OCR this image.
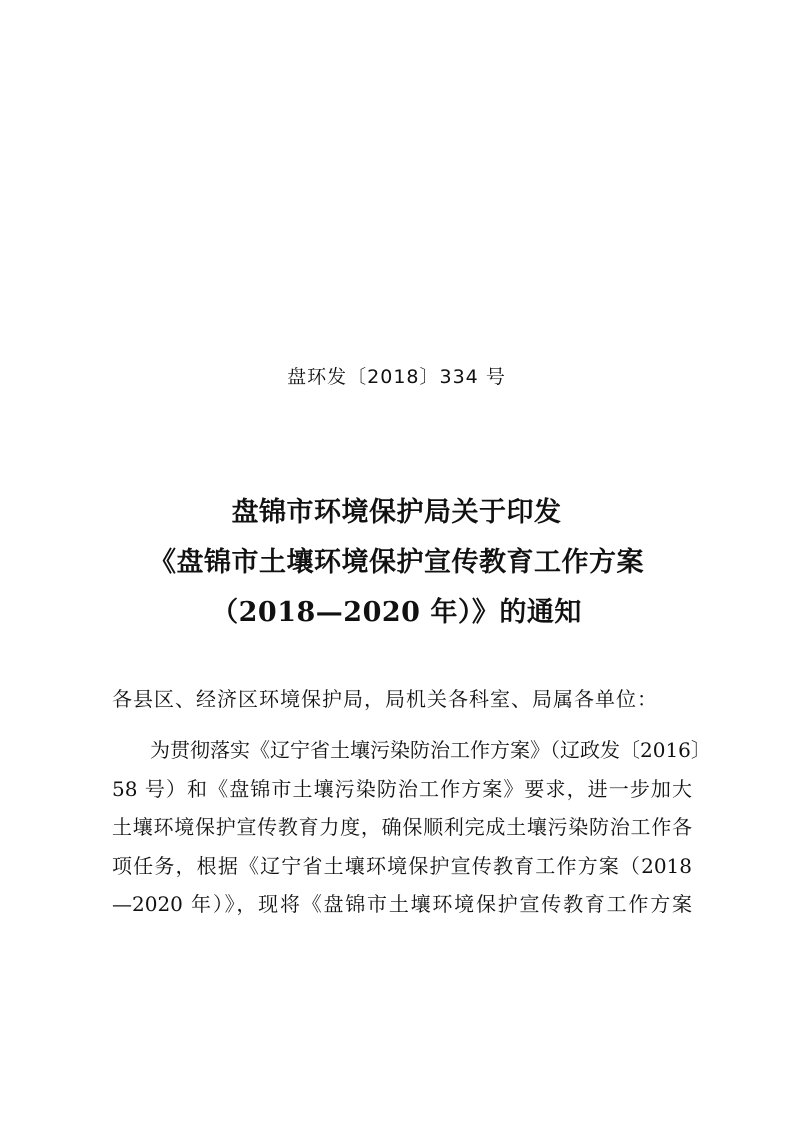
盘环发〔2018〕334 号
盘锦市环境保护局关于印发
《盘锦市土壤环境保护宣传教育工作方案
（2018—2020 年）》的通知
各县区、经济区环境保护局，局机关各科室、局属各单位：
为贯彻落实《辽宁省土壤污染防治工作方案》（辽政发〔2016〕
58 号）和《盘锦市土壤污染防治工作方案》要求，进一步加大
土壤环境保护宣传教育力度，确保顺利完成土壤污染防治工作各
项任务，根据《辽宁省土壤环境保护宣传教育工作方案（2018
—2020 年）》，现将《盘锦市土壤环境保护宣传教育工作方案
